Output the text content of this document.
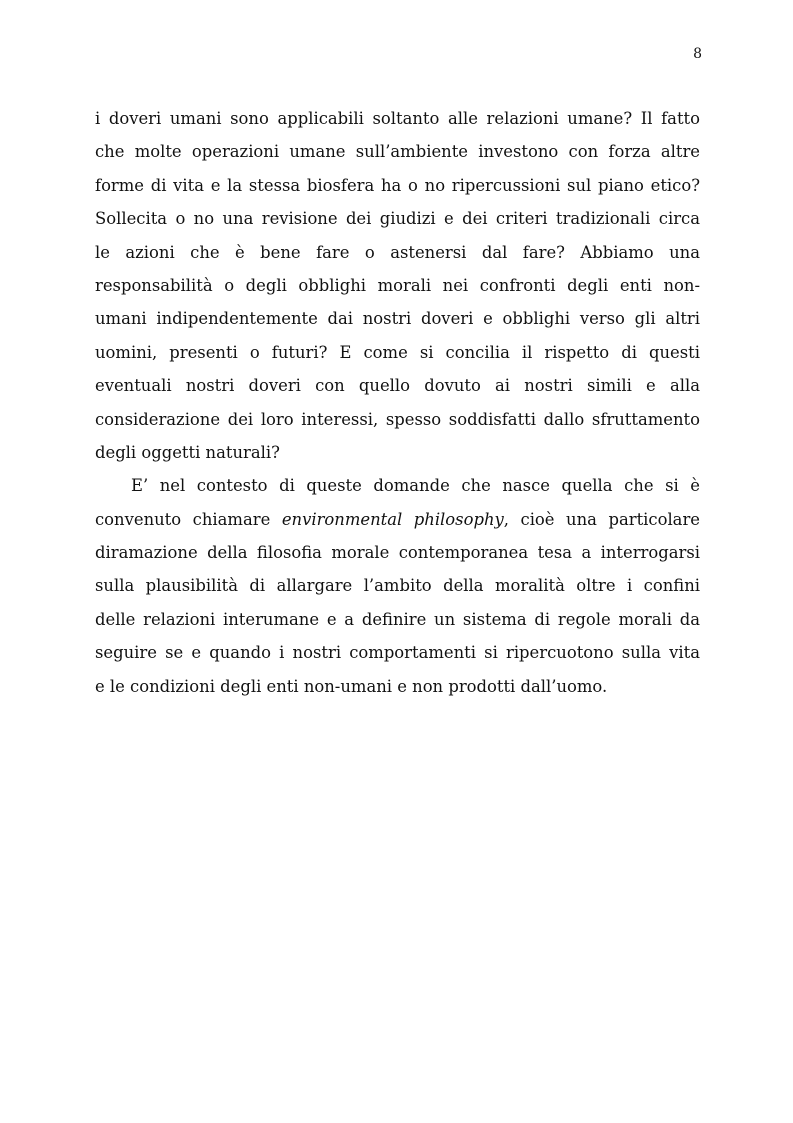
8
i doveri umani sono applicabili soltanto alle relazioni umane? Il fatto
che molte operazioni umane sull’ambiente investono con forza altre
forme di vita e la stessa biosfera ha o no ripercussioni sul piano etico?
Sollecita o no una revisione dei giudizi e dei criteri tradizionali circa
le azioni che è bene fare o astenersi dal fare? Abbiamo una
responsabilità o degli obblighi morali nei confronti degli enti non-
umani indipendentemente dai nostri doveri e obblighi verso gli altri
uomini, presenti o futuri? E come si concilia il rispetto di questi
eventuali nostri doveri con quello dovuto ai nostri simili e alla
considerazione dei loro interessi, spesso soddisfatti dallo sfruttamento
degli oggetti naturali?
E’ nel contesto di queste domande che nasce quella che si è
convenuto chiamare environmental philosophy, cioè una particolare
diramazione della filosofia morale contemporanea tesa a interrogarsi
sulla plausibilità di allargare l’ambito della moralità oltre i confini
delle relazioni interumane e a definire un sistema di regole morali da
seguire se e quando i nostri comportamenti si ripercuotono sulla vita
e le condizioni degli enti non-umani e non prodotti dall’uomo.
